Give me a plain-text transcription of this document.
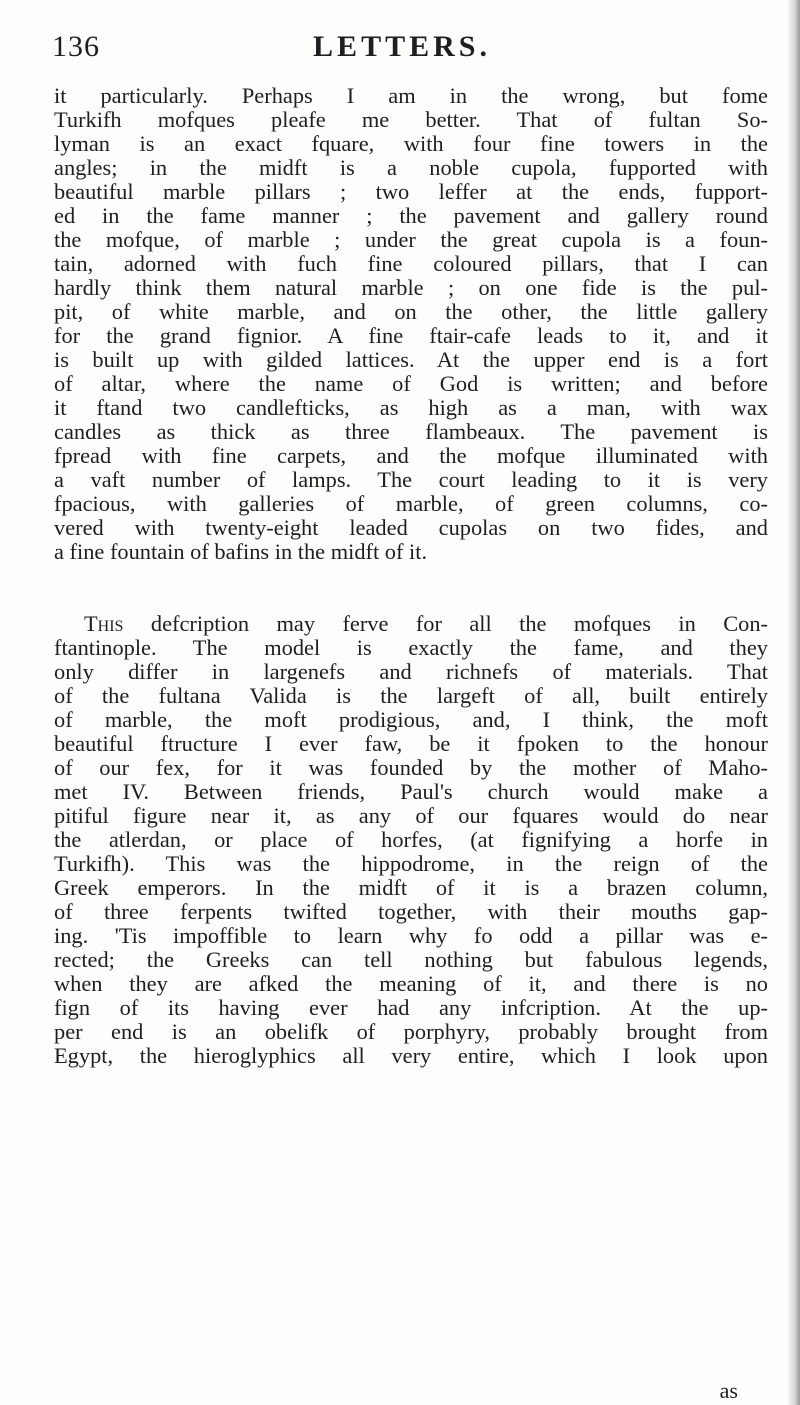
136	LETTERS.
it particularly. Perhaps I am in the wrong, but fome
Turkifh mofques pleafe me better. That of fultan So-
lyman is an exact fquare, with four fine towers in the
angles; in the midft is a noble cupola, fupported with
beautiful marble pillars ; two leffer at the ends, fupport-
ed in the fame manner ; the pavement and gallery round
the mofque, of marble ; under the great cupola is a foun-
tain, adorned with fuch fine coloured pillars, that I can
hardly think them natural marble ; on one fide is the pul-
pit, of white marble, and on the other, the little gallery
for the grand fignior. A fine ftair-cafe leads to it, and it
is built up with gilded lattices. At the upper end is a fort
of altar, where the name of God is written; and before
it ftand two candlefticks, as high as a man, with wax
candles as thick as three flambeaux. The pavement is
fpread with fine carpets, and the mofque illuminated with
a vaft number of lamps. The court leading to it is very
fpacious, with galleries of marble, of green columns, co-
vered with twenty-eight leaded cupolas on two fides, and
a fine fountain of bafins in the midft of it.
This defcription may ferve for all the mofques in Con-
ftantinople. The model is exactly the fame, and they
only differ in largenefs and richnefs of materials. That
of the fultana Valida is the largeft of all, built entirely
of marble, the moft prodigious, and, I think, the moft
beautiful ftructure I ever faw, be it fpoken to the honour
of our fex, for it was founded by the mother of Maho-
met IV. Between friends, Paul's church would make a
pitiful figure near it, as any of our fquares would do near
the atlerdan, or place of horfes, (at fignifying a horfe in
Turkifh). This was the hippodrome, in the reign of the
Greek emperors. In the midft of it is a brazen column,
of three ferpents twifted together, with their mouths gap-
ing. 'Tis impoffible to learn why fo odd a pillar was e-
rected; the Greeks can tell nothing but fabulous legends,
when they are afked the meaning of it, and there is no
fign of its having ever had any infcription. At the up-
per end is an obelifk of porphyry, probably brought from
Egypt, the hieroglyphics all very entire, which I look upon
as
